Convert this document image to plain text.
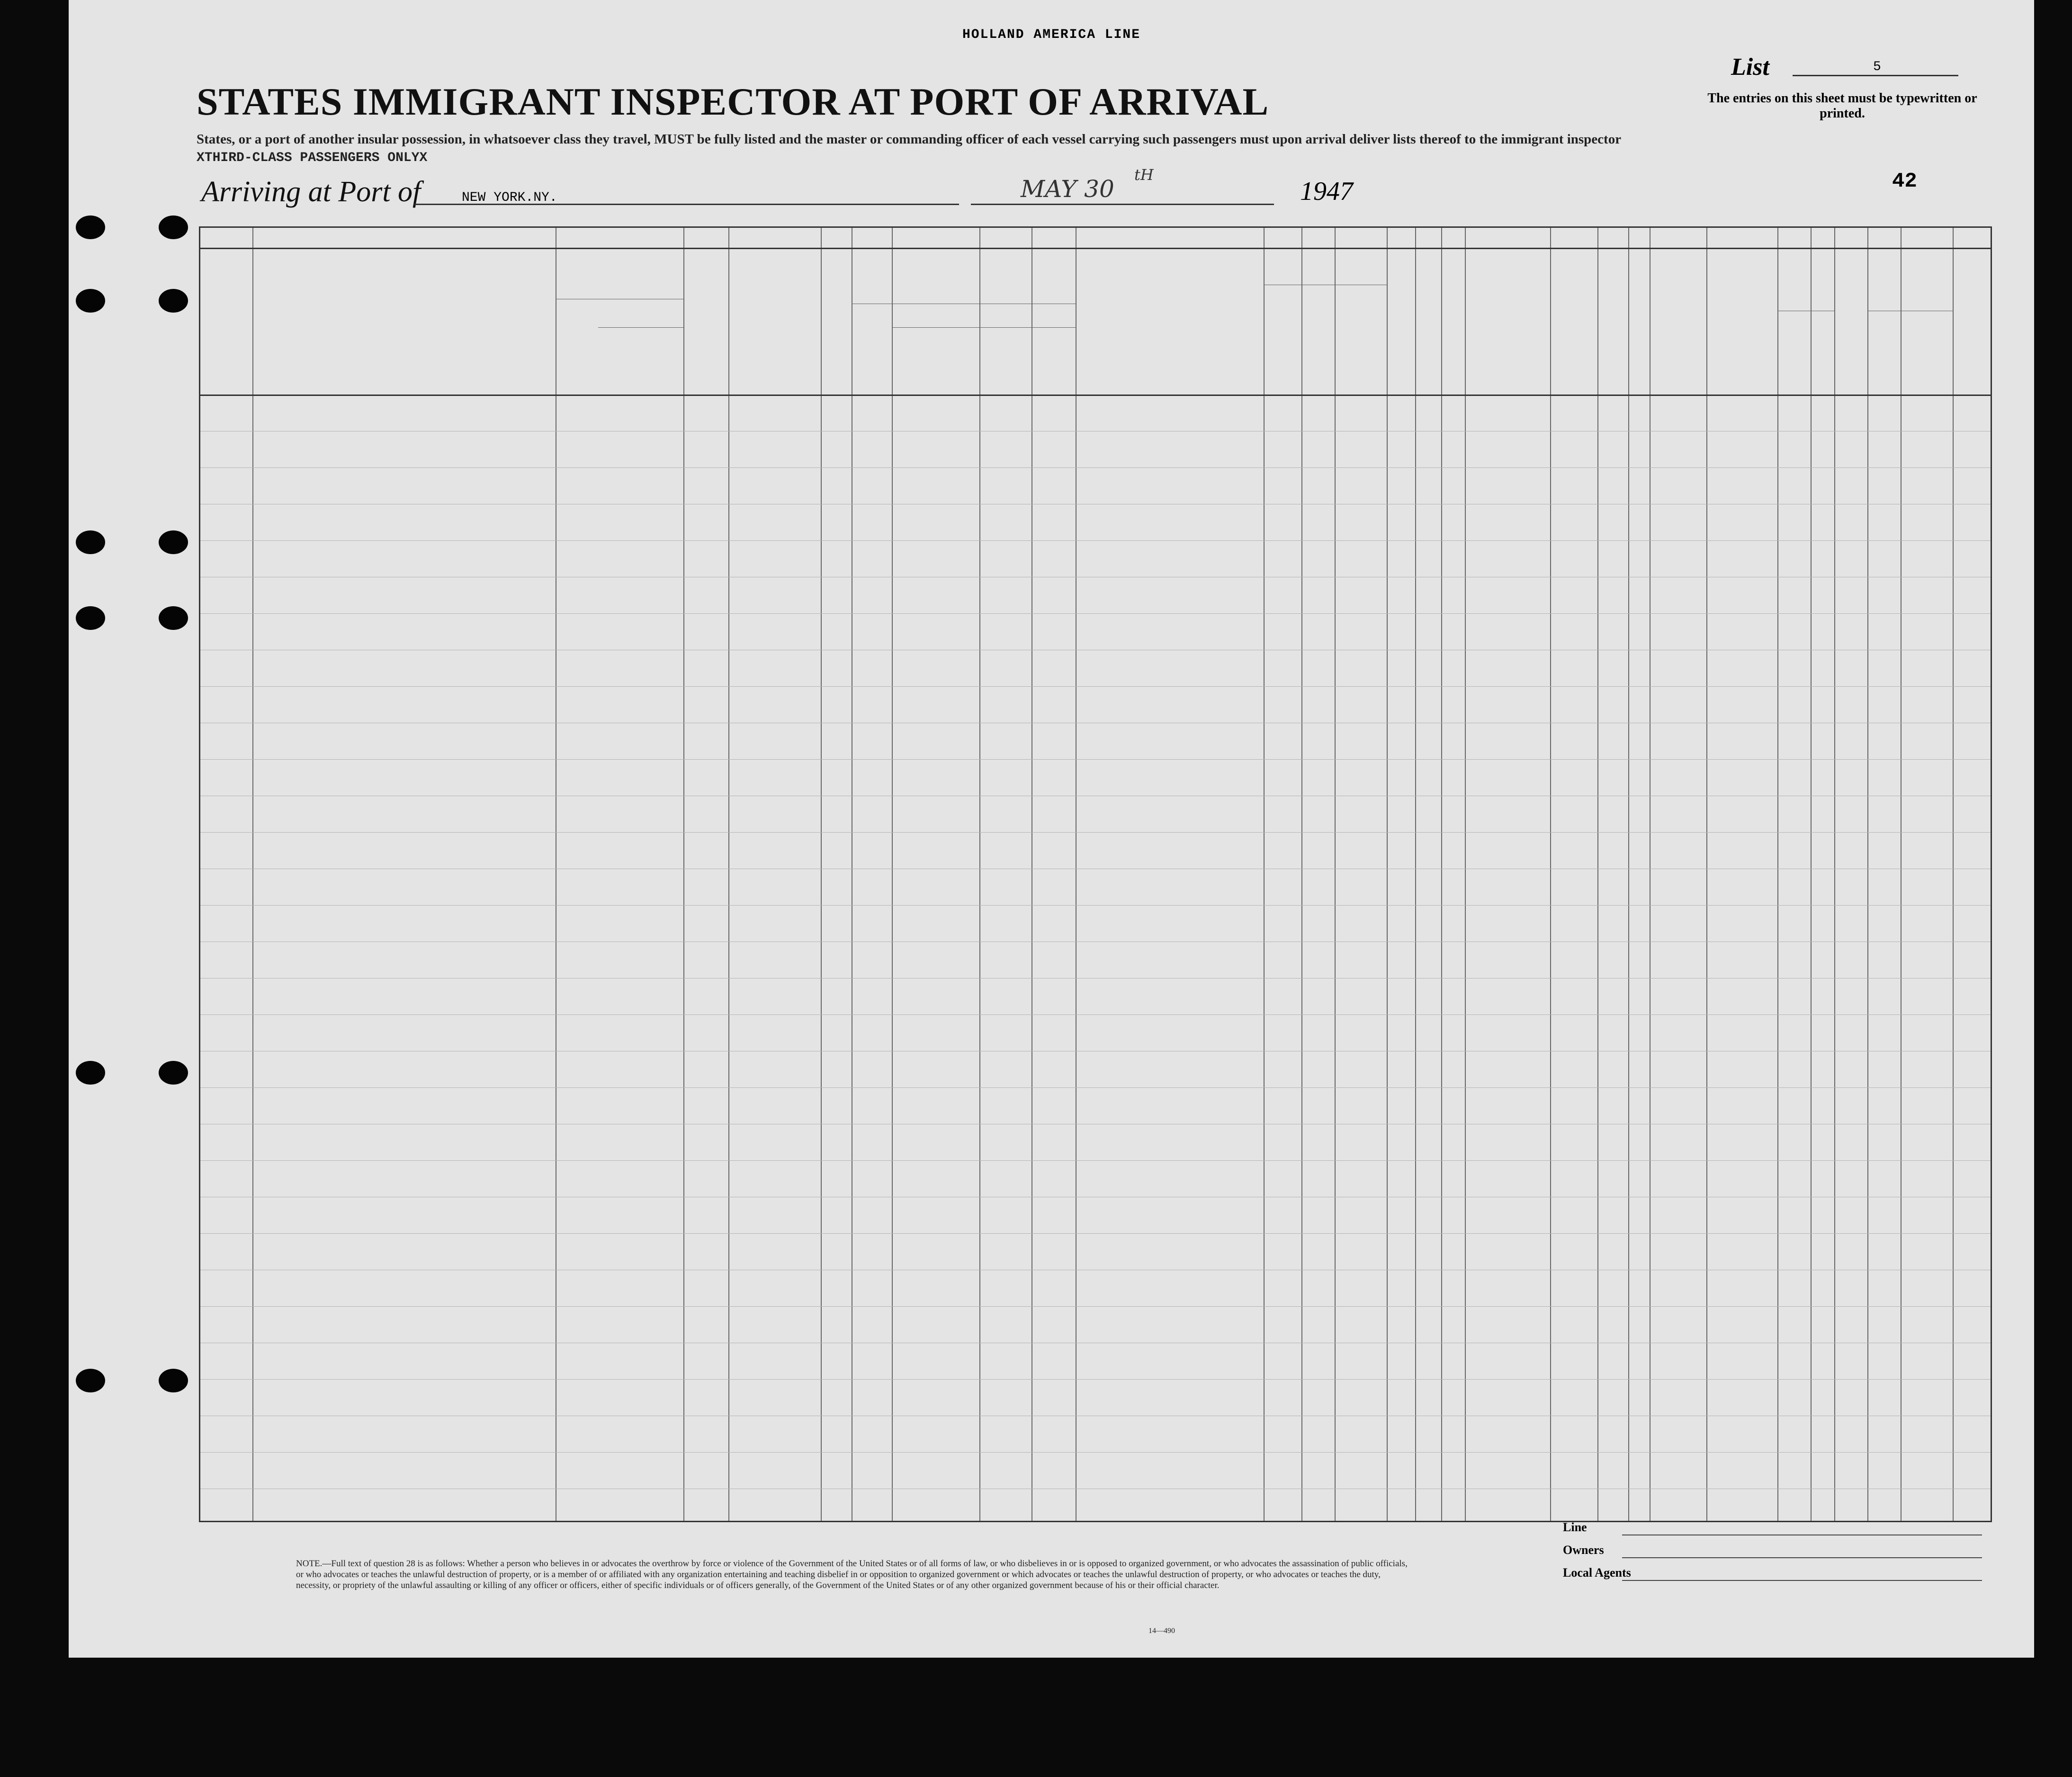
HOLLAND AMERICA LINE
STATES IMMIGRANT INSPECTOR AT PORT OF ARRIVAL
States, or a port of another insular possession, in whatsoever class they travel, MUST be fully listed and the master or commanding officer of each vessel carrying such passengers must upon arrival deliver lists thereof to the immigrant inspector
XTHIRD-CLASS PASSENGERS ONLYX
Arriving at Port of	NEW YORK.NY.	MAY 30
tH
1947
List	5
The entries on this sheet must be typewritten or printed.
42
NOTE.—Full text of question 28 is as follows: Whether a person who believes in or advocates the overthrow by force or violence of the Government of the United States or of all forms of law, or who disbelieves in or is opposed to organized government, or who advocates the assassination of public officials, or who advocates or teaches the unlawful destruction of property, or is a member of or affiliated with any organization entertaining and teaching disbelief in or opposition to organized government or which advocates or teaches the unlawful destruction of property, or who advocates or teaches the duty, necessity, or propriety of the unlawful assaulting or killing of any officer or officers, either of specific individuals or of officers generally, of the Government of the United States or of any other organized government because of his or their official character.
14—490
Line
Owners
Local Agents
